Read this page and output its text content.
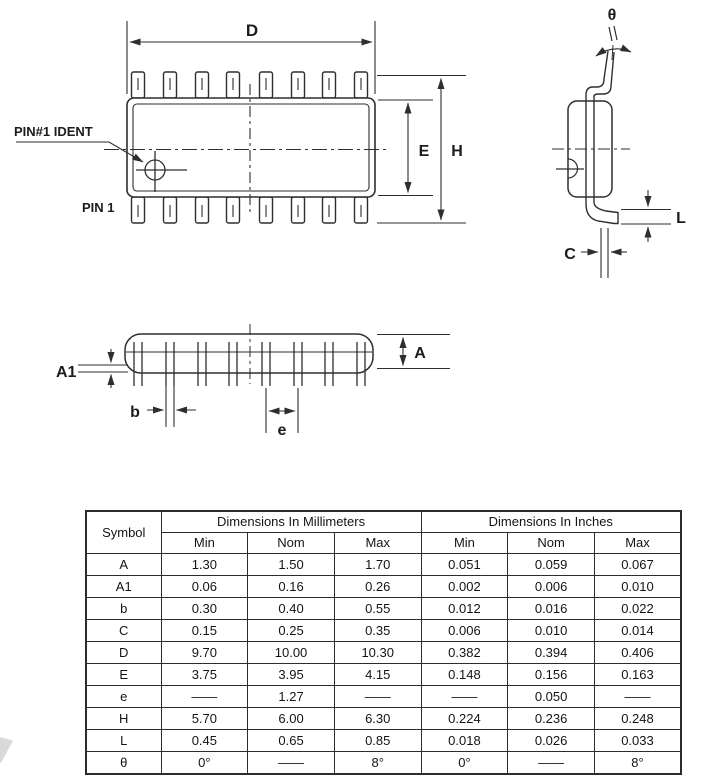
D
E H
PIN#1 IDENT
PIN 1
θ
L
C
A
A1
b
e
Symbol	Dimensions In Millimeters			Dimensions In Inches		
	Min	Nom	Max	Min	Nom	Max
A	1.30	1.50	1.70	0.051	0.059	0.067
A1	0.06	0.16	0.26	0.002	0.006	0.010
b	0.30	0.40	0.55	0.012	0.016	0.022
C	0.15	0.25	0.35	0.006	0.010	0.014
D	9.70	10.00	10.30	0.382	0.394	0.406
E	3.75	3.95	4.15	0.148	0.156	0.163
e	——	1.27	——	——	0.050	——
H	5.70	6.00	6.30	0.224	0.236	0.248
L	0.45	0.65	0.85	0.018	0.026	0.033
θ	0°	——	8°	0°	——	8°
